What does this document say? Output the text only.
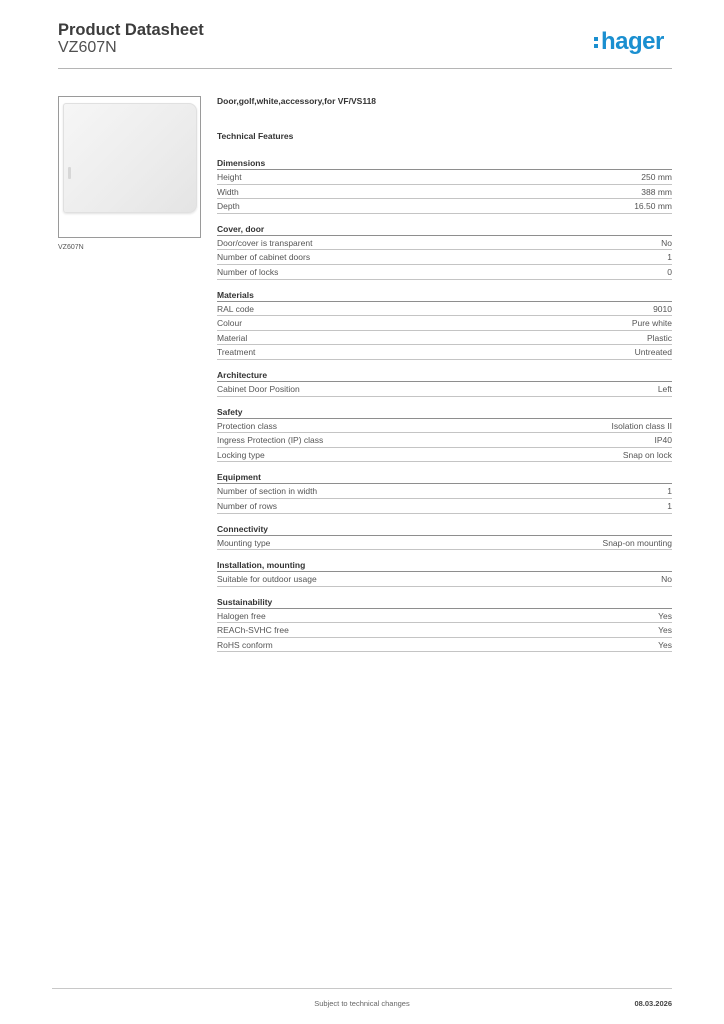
Product Datasheet
VZ607N	hager
VZ607N
Door,golf,white,accessory,for VF/VS118
Technical Features
Dimensions
Height	250 mm
Width	388 mm
Depth	16.50 mm
Cover, door
Door/cover is transparent	No
Number of cabinet doors	1
Number of locks	0
Materials
RAL code	9010
Colour	Pure white
Material	Plastic
Treatment	Untreated
Architecture
Cabinet Door Position	Left
Safety
Protection class	Isolation class II
Ingress Protection (IP) class	IP40
Locking type	Snap on lock
Equipment
Number of section in width	1
Number of rows	1
Connectivity
Mounting type	Snap-on mounting
Installation, mounting
Suitable for outdoor usage	No
Sustainability
Halogen free	Yes
REACh-SVHC free	Yes
RoHS conform	Yes
Subject to technical changes	08.03.2026
